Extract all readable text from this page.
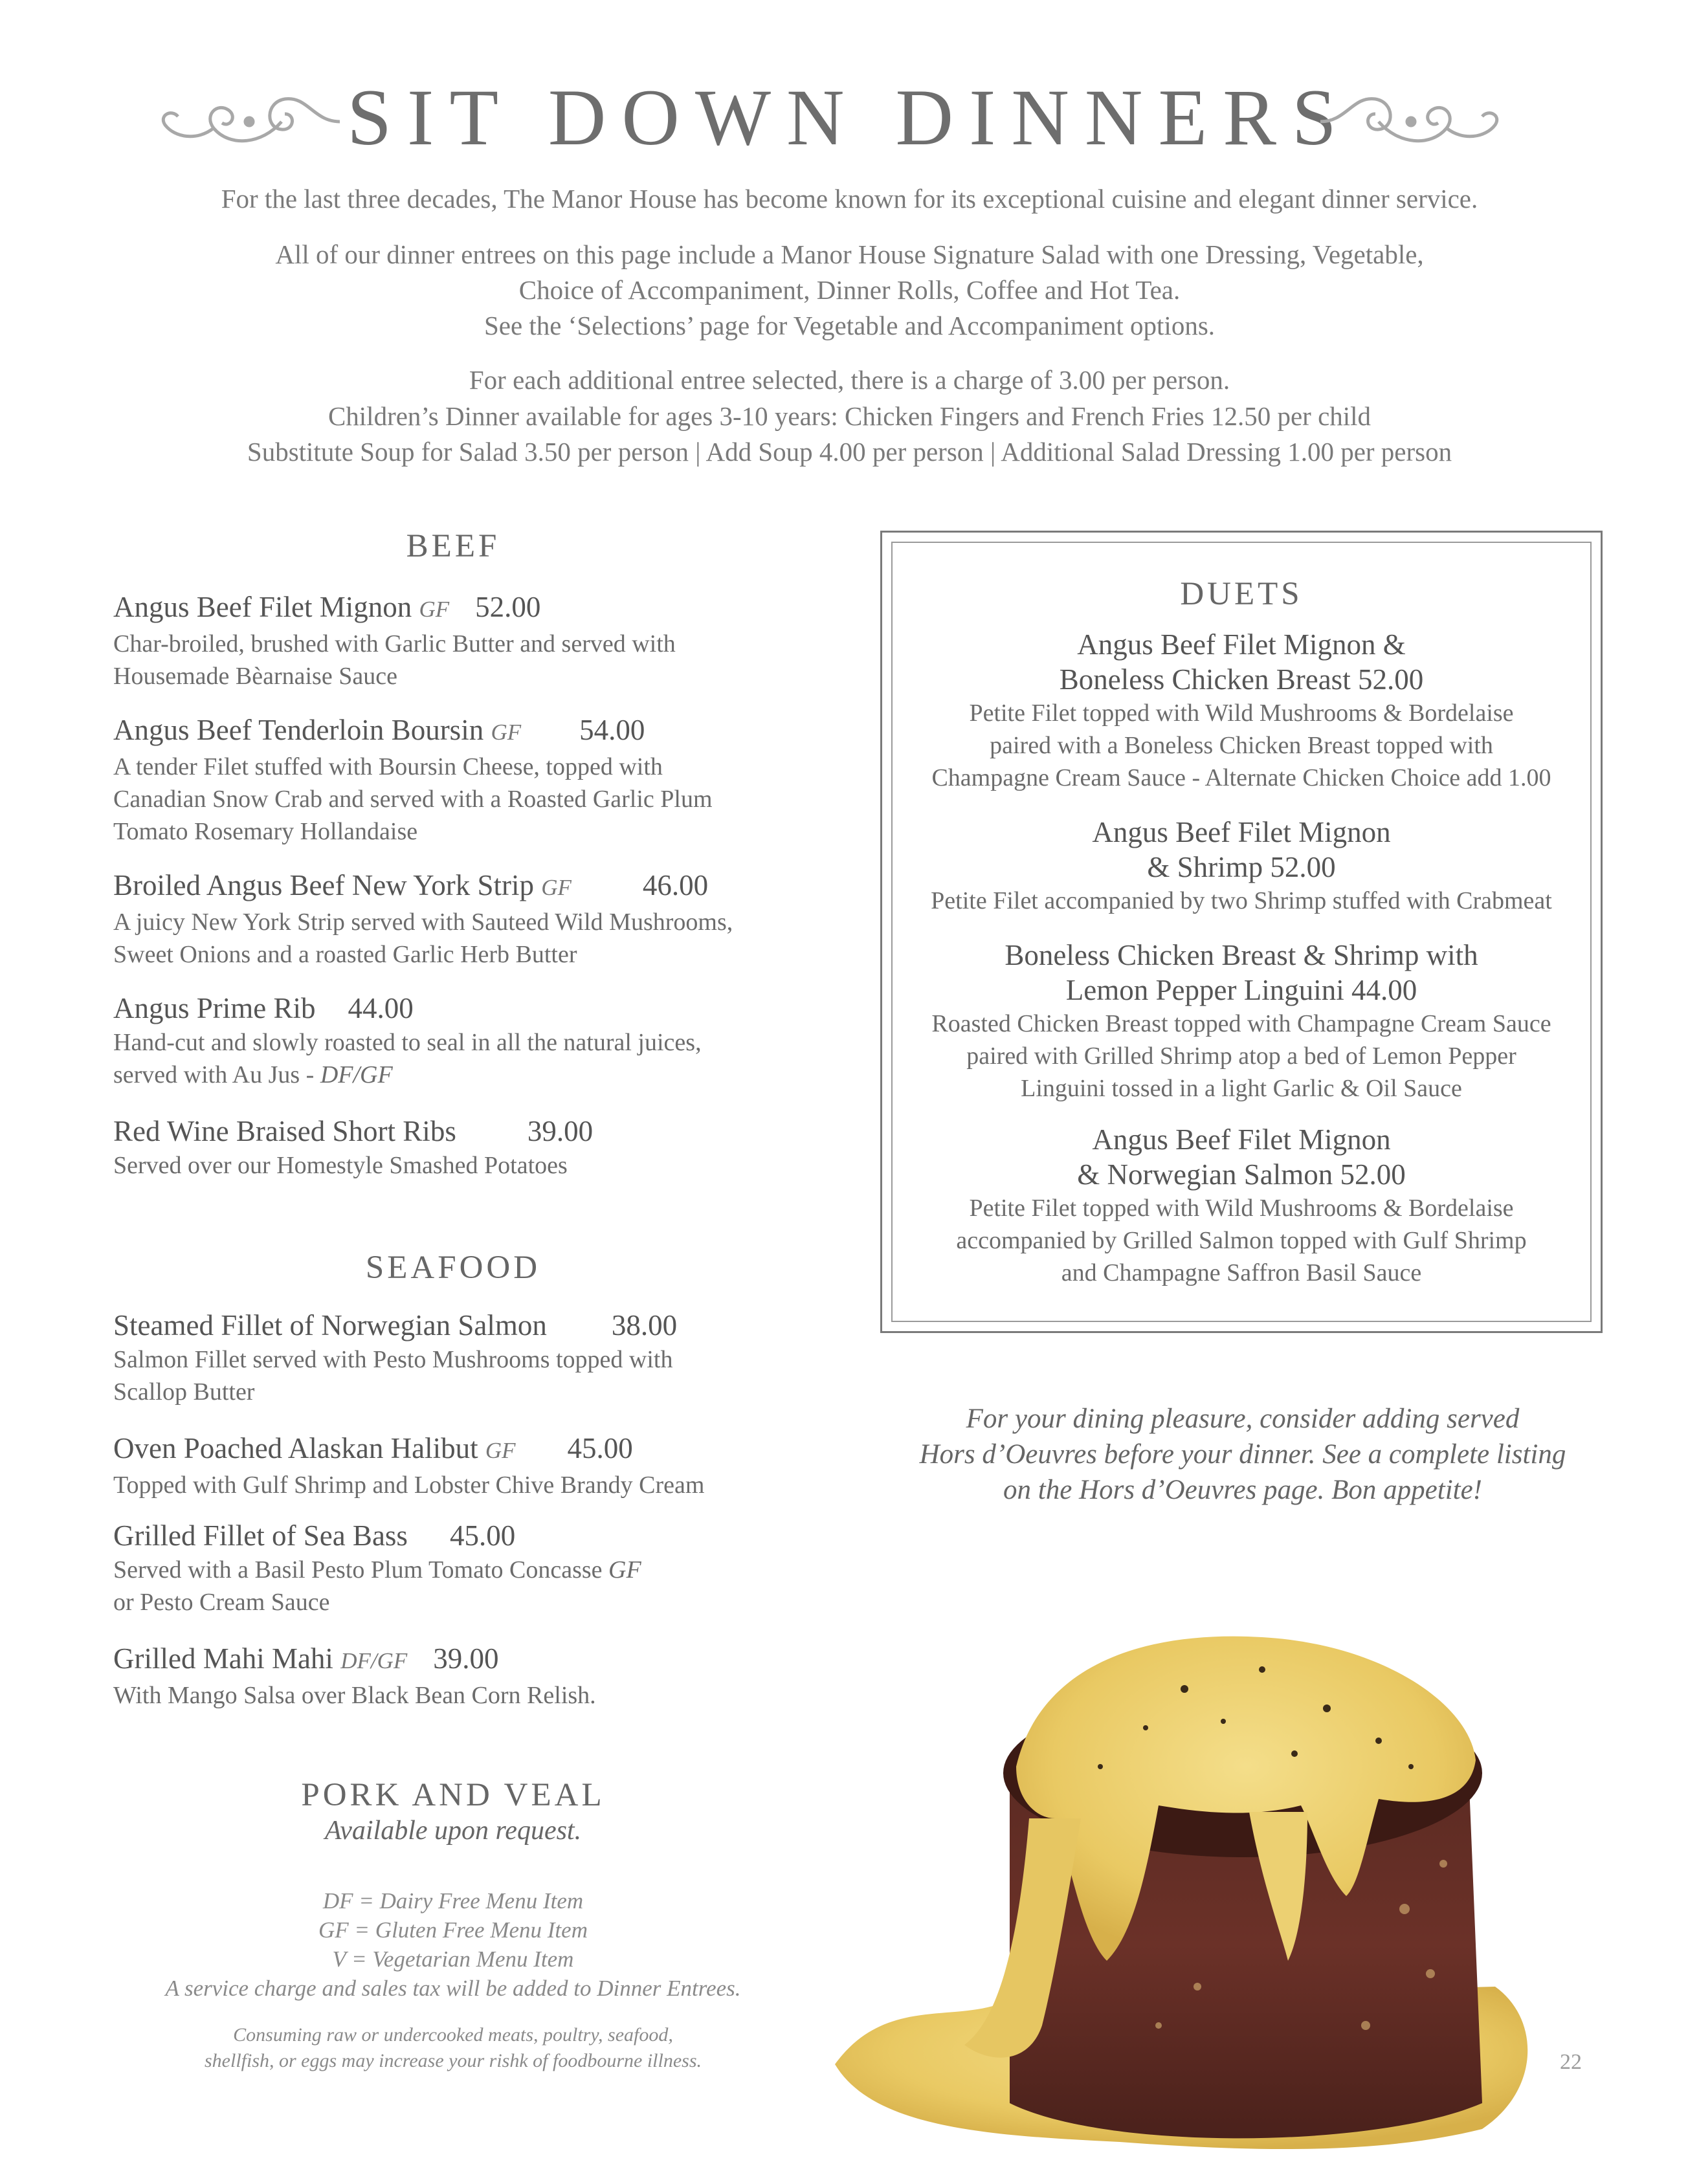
SIT DOWN DINNERS
For the last three decades, The Manor House has become known for its exceptional cuisine and elegant dinner service.
All of our dinner entrees on this page include a Manor House Signature Salad with one Dressing, Vegetable,
Choice of Accompaniment, Dinner Rolls, Coffee and Hot Tea.
See the ‘Selections’ page for Vegetable and Accompaniment options.
For each additional entree selected, there is a charge of 3.00 per person.
Children’s Dinner available for ages 3-10 years: Chicken Fingers and French Fries 12.50 per child
Substitute Soup for Salad 3.50 per person | Add Soup 4.00 per person | Additional Salad Dressing 1.00 per person
BEEF
Angus Beef Filet Mignon GF 52.00
Char-broiled, brushed with Garlic Butter and served with
Housemade Bèarnaise Sauce
Angus Beef Tenderloin Boursin GF 54.00
A tender Filet stuffed with Boursin Cheese, topped with
Canadian Snow Crab and served with a Roasted Garlic Plum
Tomato Rosemary Hollandaise
Broiled Angus Beef New York Strip GF 46.00
A juicy New York Strip served with Sauteed Wild Mushrooms,
Sweet Onions and a roasted Garlic Herb Butter
Angus Prime Rib 44.00
Hand-cut and slowly roasted to seal in all the natural juices,
served with Au Jus - DF/GF
Red Wine Braised Short Ribs 39.00
Served over our Homestyle Smashed Potatoes
SEAFOOD
Steamed Fillet of Norwegian Salmon 38.00
Salmon Fillet served with Pesto Mushrooms topped with
Scallop Butter
Oven Poached Alaskan Halibut GF 45.00
Topped with Gulf Shrimp and Lobster Chive Brandy Cream
Grilled Fillet of Sea Bass 45.00
Served with a Basil Pesto Plum Tomato Concasse GF
or Pesto Cream Sauce
Grilled Mahi Mahi DF/GF 39.00
With Mango Salsa over Black Bean Corn Relish.
PORK AND VEAL
Available upon request.
DF = Dairy Free Menu Item
GF = Gluten Free Menu Item
V = Vegetarian Menu Item
A service charge and sales tax will be added to Dinner Entrees.
Consuming raw or undercooked meats, poultry, seafood,
shellfish, or eggs may increase your rishk of foodbourne illness.
DUETS
Angus Beef Filet Mignon &
Boneless Chicken Breast 52.00
Petite Filet topped with Wild Mushrooms & Bordelaise
paired with a Boneless Chicken Breast topped with
Champagne Cream Sauce - Alternate Chicken Choice add 1.00
Angus Beef Filet Mignon
& Shrimp 52.00
Petite Filet accompanied by two Shrimp stuffed with Crabmeat
Boneless Chicken Breast & Shrimp with
Lemon Pepper Linguini 44.00
Roasted Chicken Breast topped with Champagne Cream Sauce
paired with Grilled Shrimp atop a bed of Lemon Pepper
Linguini tossed in a light Garlic & Oil Sauce
Angus Beef Filet Mignon
& Norwegian Salmon 52.00
Petite Filet topped with Wild Mushrooms & Bordelaise
accompanied by Grilled Salmon topped with Gulf Shrimp
and Champagne Saffron Basil Sauce
For your dining pleasure, consider adding served
Hors d’Oeuvres before your dinner. See a complete listing
on the Hors d’Oeuvres page. Bon appetite!
22
